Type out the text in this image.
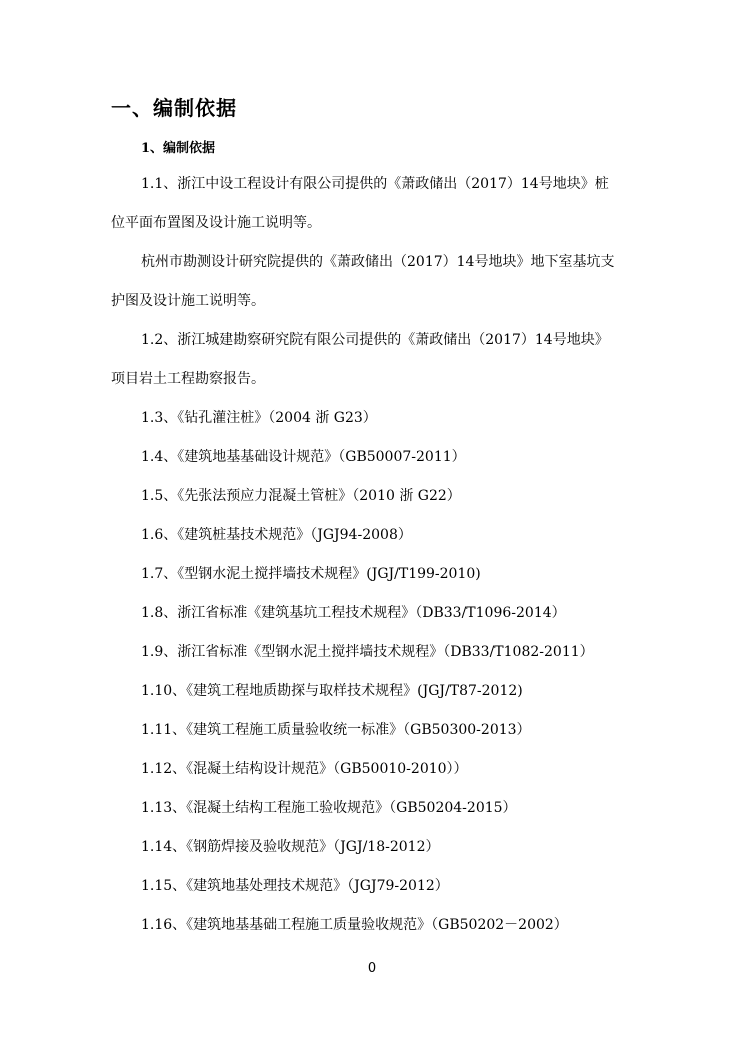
一、编制依据
1、编制依据
1.1、浙江中设工程设计有限公司提供的《萧政储出（2017）14号地块》桩
位平面布置图及设计施工说明等。
杭州市勘测设计研究院提供的《萧政储出（2017）14号地块》地下室基坑支
护图及设计施工说明等。
1.2、浙江城建勘察研究院有限公司提供的《萧政储出（2017）14号地块》
项目岩土工程勘察报告。
1.3、《钻孔灌注桩》（2004 浙 G23）
1.4、《建筑地基基础设计规范》（GB50007-2011）
1.5、《先张法预应力混凝土管桩》（2010 浙 G22）
1.6、《建筑桩基技术规范》（JGJ94-2008）
1.7、《型钢水泥土搅拌墙技术规程》(JGJ/T199-2010)
1.8、浙江省标准《建筑基坑工程技术规程》（DB33/T1096-2014）
1.9、浙江省标准《型钢水泥土搅拌墙技术规程》（DB33/T1082-2011）
1.10、《建筑工程地质勘探与取样技术规程》(JGJ/T87-2012)
1.11、《建筑工程施工质量验收统一标准》（GB50300-2013）
1.12、《混凝土结构设计规范》（GB50010-2010））
1.13、《混凝土结构工程施工验收规范》（GB50204-2015）
1.14、《钢筋焊接及验收规范》（JGJ/18-2012）
1.15、《建筑地基处理技术规范》（JGJ79-2012）
1.16、《建筑地基基础工程施工质量验收规范》（GB50202－2002）
0
